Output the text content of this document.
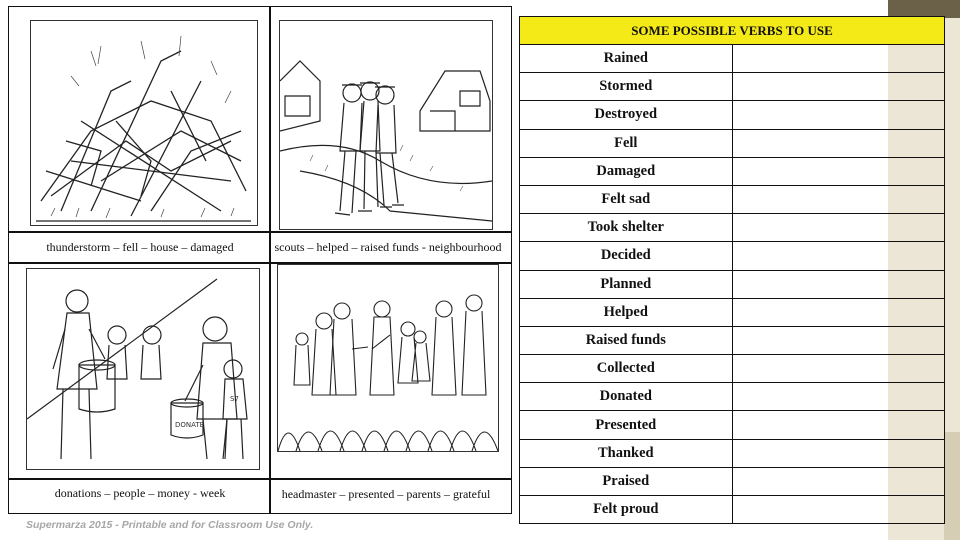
thunderstorm – fell – house – damaged	scouts – helped – raised funds - neighbourhood
DONATE
S7
donations – people – money - week	headmaster – presented – parents – grateful
Supermarza 2015 - Printable and for Classroom Use Only.
SOME POSSIBLE VERBS TO USE	
Rained	
Stormed	
Destroyed	
Fell	
Damaged	
Felt sad	
Took shelter	
Decided	
Planned	
Helped	
Raised funds	
Collected	
Donated	
Presented	
Thanked	
Praised	
Felt proud	
